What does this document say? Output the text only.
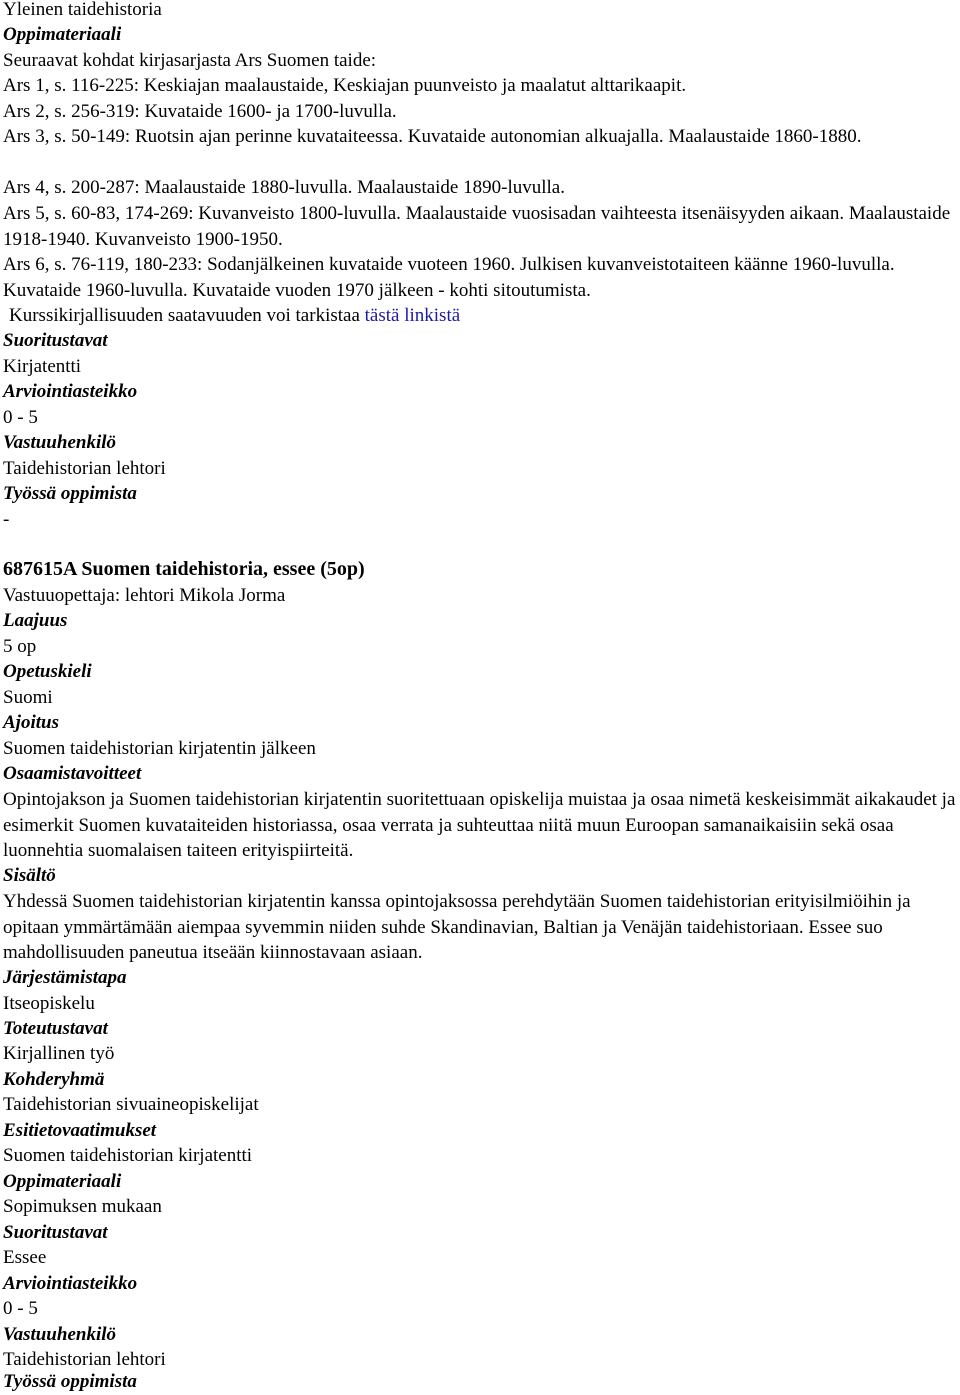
Yleinen taidehistoria
Oppimateriaali
Seuraavat kohdat kirjasarjasta Ars Suomen taide:
Ars 1, s. 116-225: Keskiajan maalaustaide, Keskiajan puunveisto ja maalatut alttarikaapit.
Ars 2, s. 256-319: Kuvataide 1600- ja 1700-luvulla.
Ars 3, s. 50-149: Ruotsin ajan perinne kuvataiteessa. Kuvataide autonomian alkuajalla. Maalaustaide 1860-1880.
Ars 4, s. 200-287: Maalaustaide 1880-luvulla. Maalaustaide 1890-luvulla.
Ars 5, s. 60-83, 174-269: Kuvanveisto 1800-luvulla. Maalaustaide vuosisadan vaihteesta itsenäisyyden aikaan. Maalaustaide 1918-1940. Kuvanveisto 1900-1950.
Ars 6, s. 76-119, 180-233: Sodanjälkeinen kuvataide vuoteen 1960. Julkisen kuvanveistotaiteen käänne 1960-luvulla. Kuvataide 1960-luvulla. Kuvataide vuoden 1970 jälkeen - kohti sitoutumista.
Kurssikirjallisuuden saatavuuden voi tarkistaa tästä linkistä
Suoritustavat
Kirjatentti
Arviointiasteikko
0 - 5
Vastuuhenkilö
Taidehistorian lehtori
Työssä oppimista
-
687615A Suomen taidehistoria, essee (5op)
Vastuuopettaja: lehtori Mikola Jorma
Laajuus
5 op
Opetuskieli
Suomi
Ajoitus
Suomen taidehistorian kirjatentin jälkeen
Osaamistavoitteet
Opintojakson ja Suomen taidehistorian kirjatentin suoritettuaan opiskelija muistaa ja osaa nimetä keskeisimmät aikakaudet ja esimerkit Suomen kuvataiteiden historiassa, osaa verrata ja suhteuttaa niitä muun Euroopan samanaikaisiin sekä osaa luonnehtia suomalaisen taiteen erityispiirteitä.
Sisältö
Yhdessä Suomen taidehistorian kirjatentin kanssa opintojaksossa perehdytään Suomen taidehistorian erityisilmiöihin ja opitaan ymmärtämään aiempaa syvemmin niiden suhde Skandinavian, Baltian ja Venäjän taidehistoriaan. Essee suo mahdollisuuden paneutua itseään kiinnostavaan asiaan.
Järjestämistapa
Itseopiskelu
Toteutustavat
Kirjallinen työ
Kohderyhmä
Taidehistorian sivuaineopiskelijat
Esitietovaatimukset
Suomen taidehistorian kirjatentti
Oppimateriaali
Sopimuksen mukaan
Suoritustavat
Essee
Arviointiasteikko
0 - 5
Vastuuhenkilö
Taidehistorian lehtori
Työssä oppimista
